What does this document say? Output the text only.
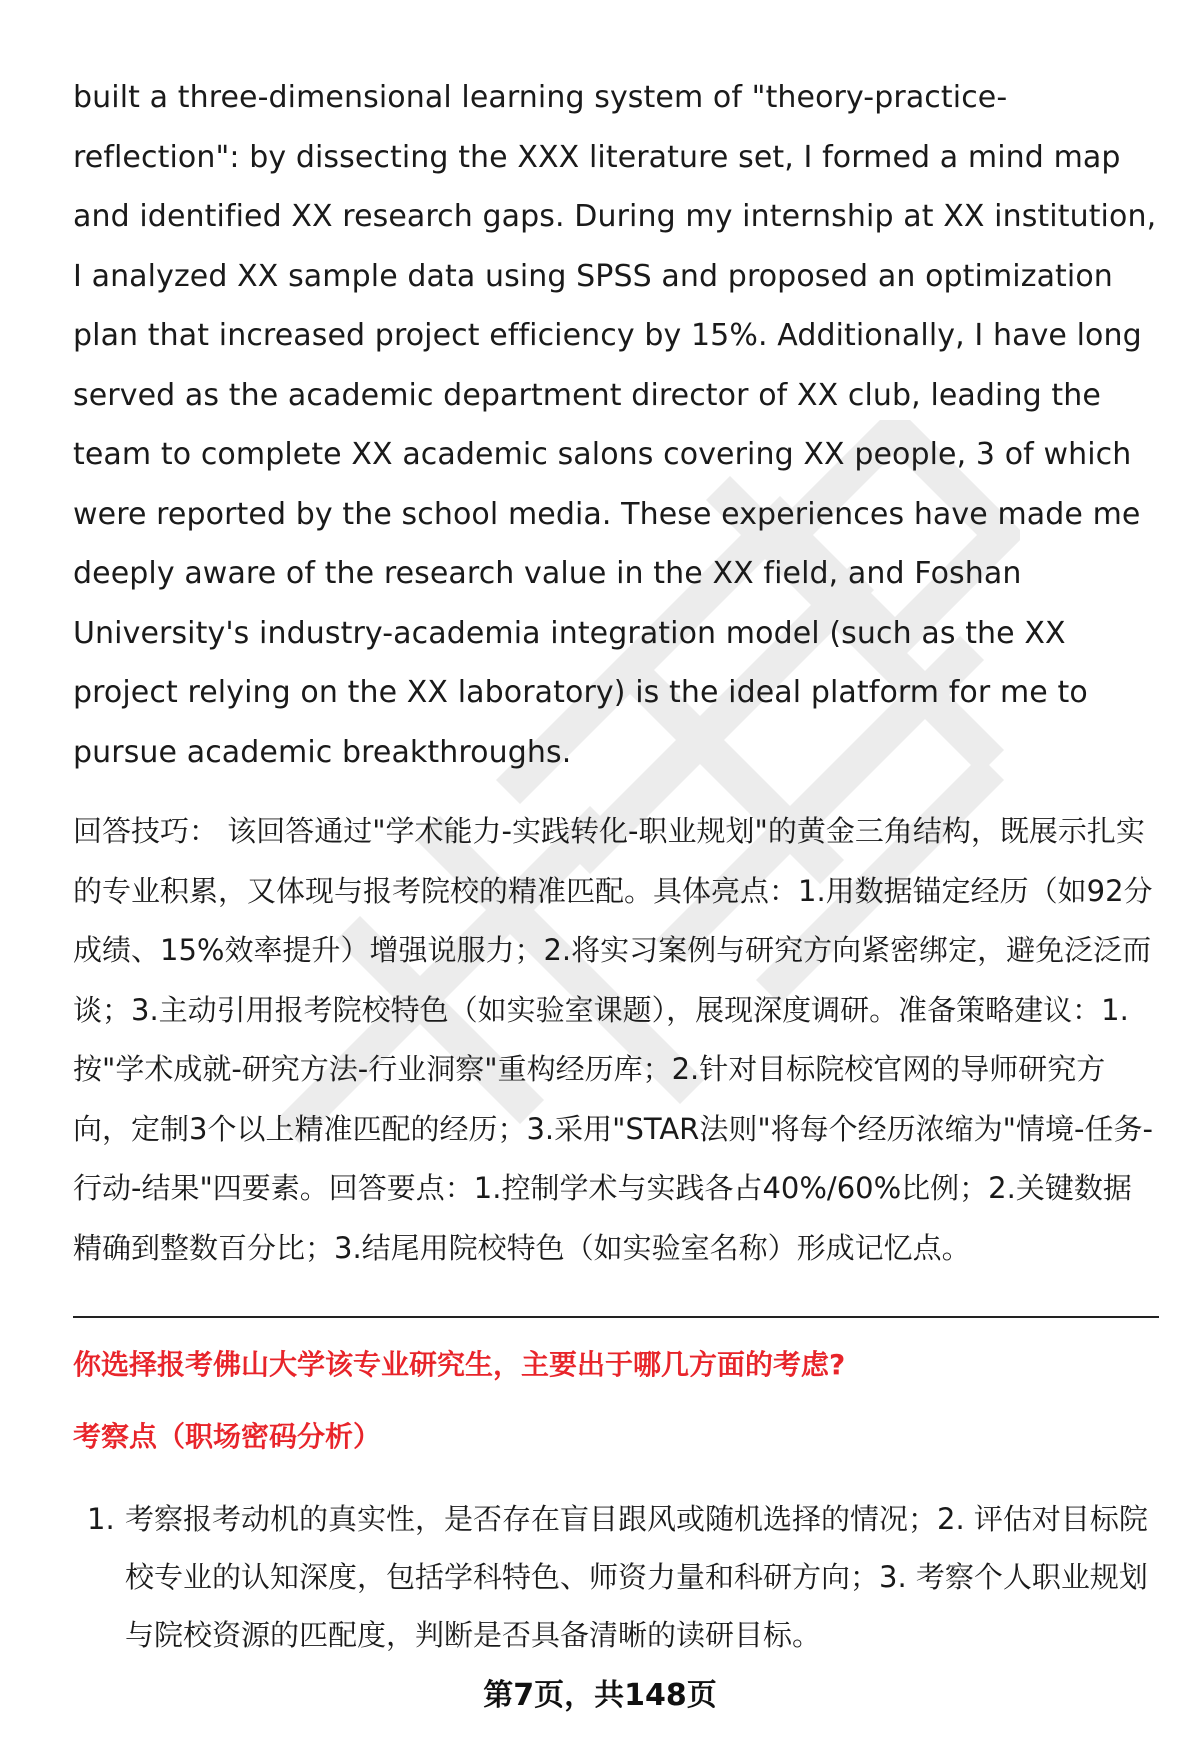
built a three-dimensional learning system of "theory-practice-reflection": by dissecting the XXX literature set, I formed a mind map and identified XX research gaps. During my internship at XX institution, I analyzed XX sample data using SPSS and proposed an optimization plan that increased project efficiency by 15%. Additionally, I have long served as the academic department director of XX club, leading the team to complete XX academic salons covering XX people, 3 of which were reported by the school media. These experiences have made me deeply aware of the research value in the XX field, and Foshan University's industry-academia integration model (such as the XX project relying on the XX laboratory) is the ideal platform for me to pursue academic breakthroughs.

回答技巧： 该回答通过"学术能力-实践转化-职业规划"的黄金三角结构，既展示扎实的专业积累，又体现与报考院校的精准匹配。具体亮点：1.用数据锚定经历（如92分成绩、15%效率提升）增强说服力；2.将实习案例与研究方向紧密绑定，避免泛泛而谈；3.主动引用报考院校特色（如实验室课题），展现深度调研。准备策略建议：1.按"学术成就-研究方法-行业洞察"重构经历库；2.针对目标院校官网的导师研究方向，定制3个以上精准匹配的经历；3.采用"STAR法则"将每个经历浓缩为"情境-任务-行动-结果"四要素。回答要点：1.控制学术与实践各占40%/60%比例；2.关键数据精确到整数百分比；3.结尾用院校特色（如实验室名称）形成记忆点。

你选择报考佛山大学该专业研究生，主要出于哪几方面的考虑?
考察点（职场密码分析）
1. 考察报考动机的真实性，是否存在盲目跟风或随机选择的情况；2. 评估对目标院校专业的认知深度，包括学科特色、师资力量和科研方向；3. 考察个人职业规划与院校资源的匹配度，判断是否具备清晰的读研目标。
第7页，共148页
